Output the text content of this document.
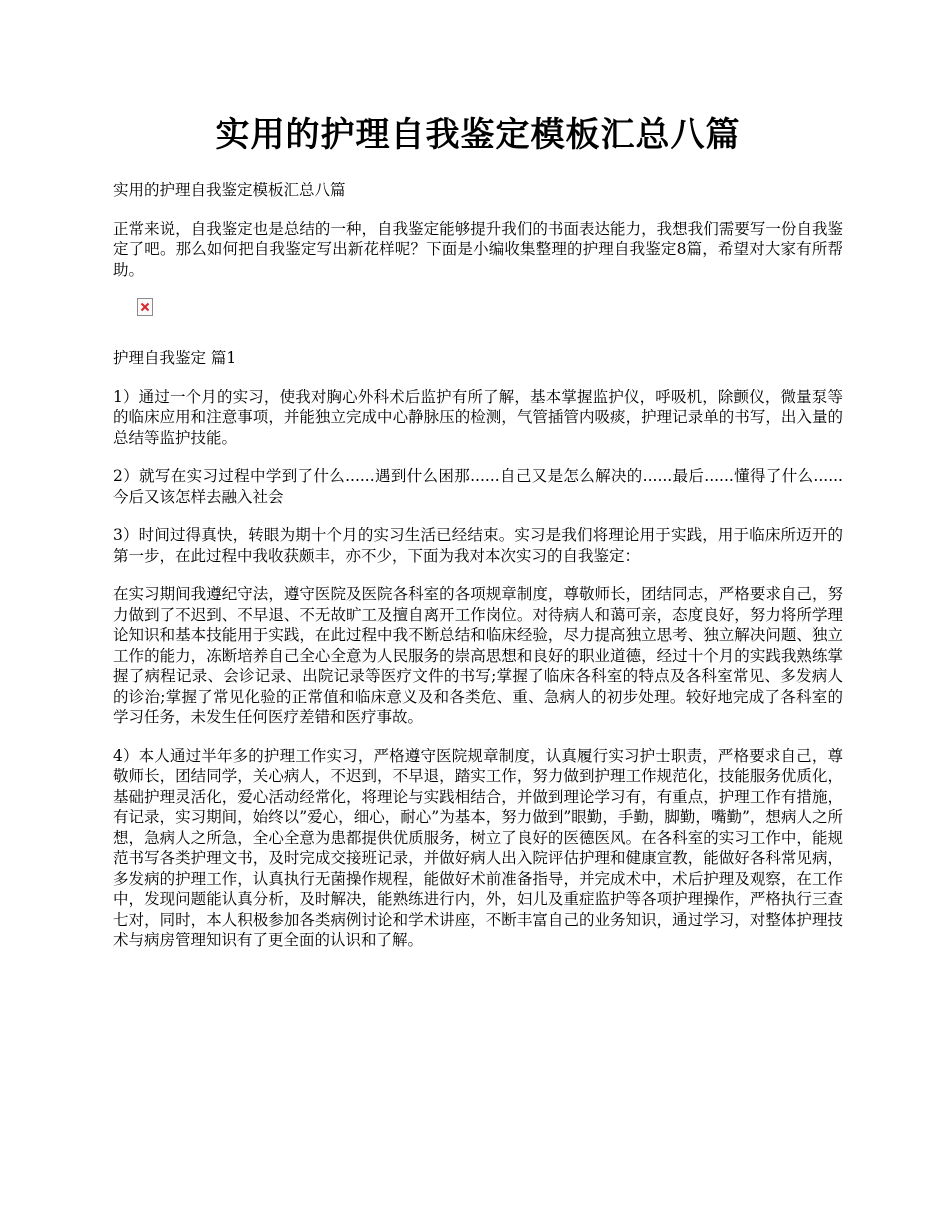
实用的护理自我鉴定模板汇总八篇

实用的护理自我鉴定模板汇总八篇

正常来说，自我鉴定也是总结的一种，自我鉴定能够提升我们的书面表达能力，我想我们需要写一份自我鉴定了吧。那么如何把自我鉴定写出新花样呢？下面是小编收集整理的护理自我鉴定8篇，希望对大家有所帮助。

护理自我鉴定 篇1

1）通过一个月的实习，使我对胸心外科术后监护有所了解，基本掌握监护仪，呼吸机，除颤仪，微量泵等的临床应用和注意事项，并能独立完成中心静脉压的检测，气管插管内吸痰，护理记录单的书写，出入量的总结等监护技能。

2）就写在实习过程中学到了什么......遇到什么困那......自己又是怎么解决的......最后......懂得了什么......今后又该怎样去融入社会

3）时间过得真快，转眼为期十个月的实习生活已经结束。实习是我们将理论用于实践，用于临床所迈开的第一步，在此过程中我收获颇丰，亦不少，下面为我对本次实习的自我鉴定：

在实习期间我遵纪守法，遵守医院及医院各科室的各项规章制度，尊敬师长，团结同志，严格要求自己，努力做到了不迟到、不早退、不无故旷工及擅自离开工作岗位。对待病人和蔼可亲，态度良好，努力将所学理论知识和基本技能用于实践，在此过程中我不断总结和临床经验，尽力提高独立思考、独立解决问题、独立工作的能力，冻断培养自己全心全意为人民服务的崇高思想和良好的职业道德，经过十个月的实践我熟练掌握了病程记录、会诊记录、出院记录等医疗文件的书写;掌握了临床各科室的特点及各科室常见、多发病人的诊治;掌握了常见化验的正常值和临床意义及和各类危、重、急病人的初步处理。较好地完成了各科室的学习任务，未发生任何医疗差错和医疗事故。

4）本人通过半年多的护理工作实习，严格遵守医院规章制度，认真履行实习护士职责，严格要求自己，尊敬师长，团结同学，关心病人，不迟到，不早退，踏实工作，努力做到护理工作规范化，技能服务优质化，基础护理灵活化，爱心活动经常化，将理论与实践相结合，并做到理论学习有，有重点，护理工作有措施，有记录，实习期间，始终以”爱心，细心，耐心”为基本，努力做到”眼勤，手勤，脚勤，嘴勤”，想病人之所想，急病人之所急，全心全意为患都提供优质服务，树立了良好的医德医风。在各科室的实习工作中，能规范书写各类护理文书，及时完成交接班记录，并做好病人出入院评估护理和健康宣教，能做好各科常见病，多发病的护理工作，认真执行无菌操作规程，能做好术前准备指导，并完成术中，术后护理及观察，在工作中，发现问题能认真分析，及时解决，能熟练进行内，外，妇儿及重症监护等各项护理操作，严格执行三查七对，同时，本人积极参加各类病例讨论和学术讲座，不断丰富自己的业务知识，通过学习，对整体护理技术与病房管理知识有了更全面的认识和了解。
